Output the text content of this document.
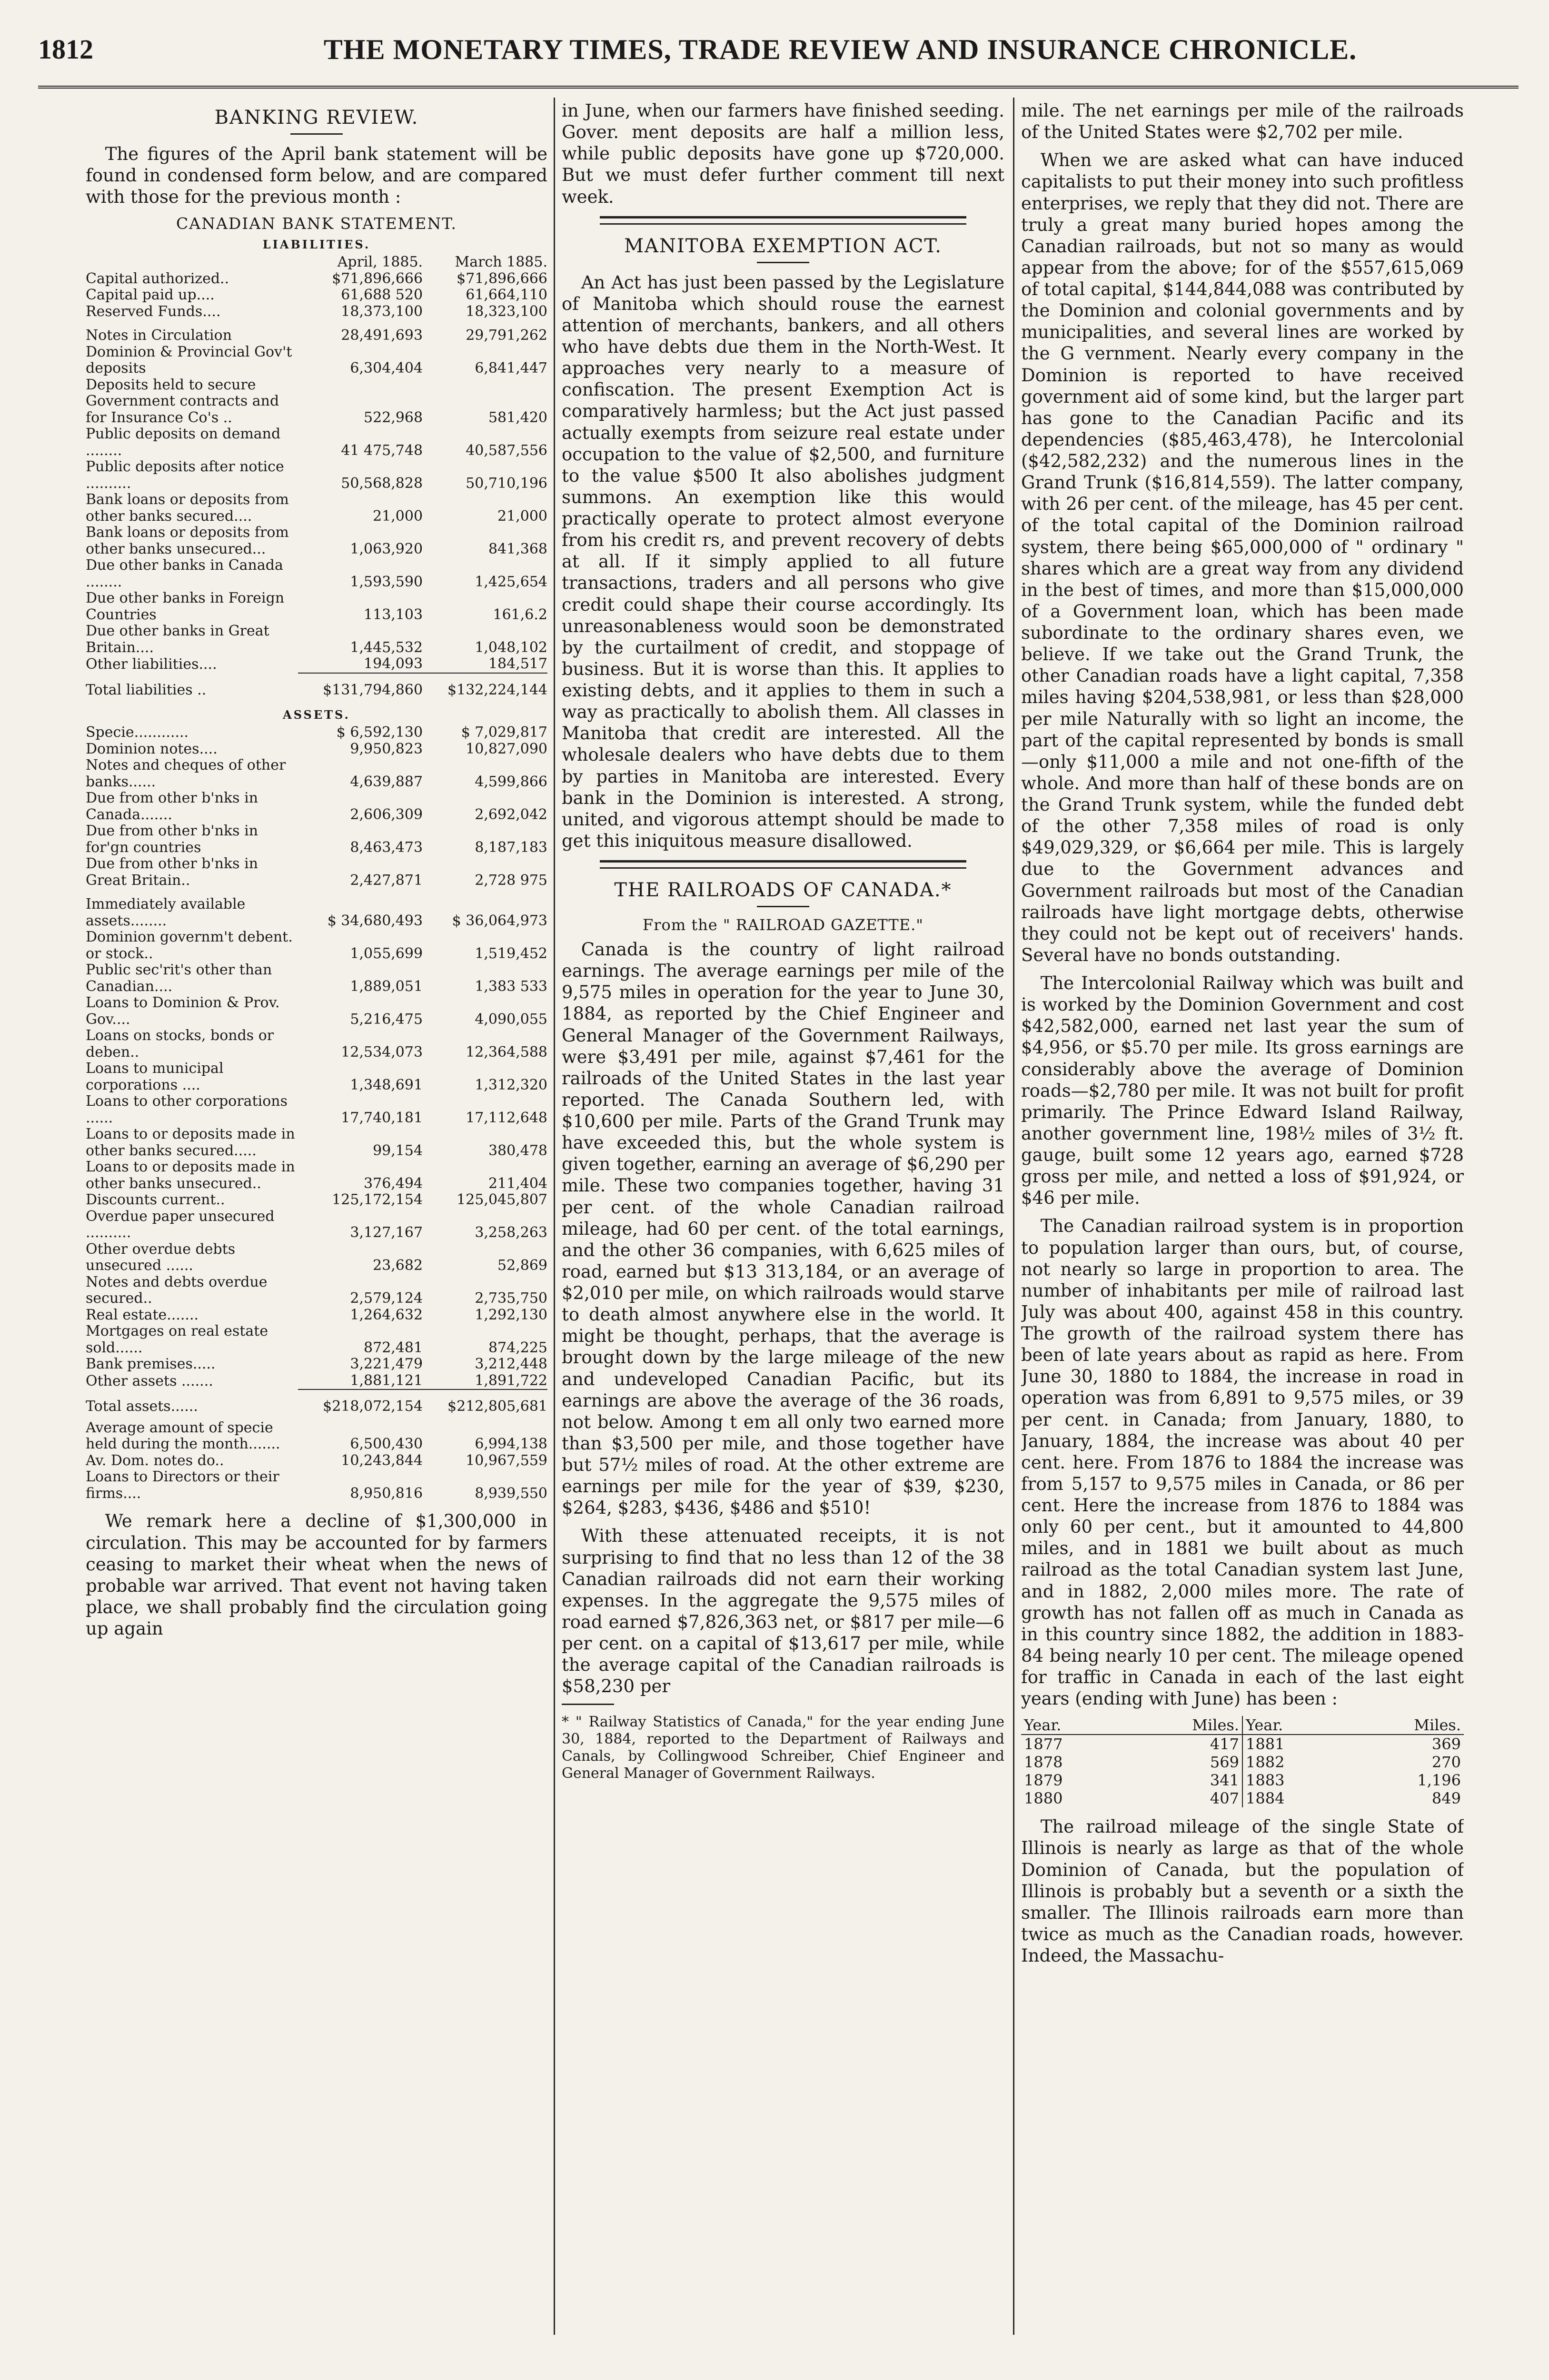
1812	THE MONETARY TIMES, TRADE REVIEW AND INSURANCE CHRONICLE.
BANKING REVIEW.

The figures of the April bank statement will be found in condensed form below, and are compared with those for the previous month :

CANADIAN BANK STATEMENT.
LIABILITIES.
	April, 1885.	March 1885.
Capital authorized..	$71,896,666	$71,896,666
Capital paid up....	61,688 520	61,664,110
Reserved Funds....	18,373,100	18,323,100
Notes in Circulation	28,491,693	29,791,262
Dominion & Provincial Gov't deposits	6,304,404	6,841,447
Deposits held to secure Government contracts and for Insurance Co's ..	522,968	581,420
Public deposits on demand ........	41 475,748	40,587,556
Public deposits after notice ..........	50,568,828	50,710,196
Bank loans or deposits from other banks secured....	21,000	21,000
Bank loans or deposits from other banks unsecured...	1,063,920	841,368
Due other banks in Canada ........	1,593,590	1,425,654
Due other banks in Foreign Countries	113,103	161,6.2
Due other banks in Great Britain....	1,445,532	1,048,102
Other liabilities....	194,093	184,517
Total liabilities ..	$131,794,860	$132,224,144
ASSETS.
Specie............	$ 6,592,130	$ 7,029,817
Dominion notes....	9,950,823	10,827,090
Notes and cheques of other banks......	4,639,887	4,599,866
Due from other b'nks in Canada.......	2,606,309	2,692,042
Due from other b'nks in for'gn countries	8,463,473	8,187,183
Due from other b'nks in Great Britain..	2,427,871	2,728 975
Immediately available assets........	$ 34,680,493	$ 36,064,973
Dominion governm't debent. or stock..	1,055,699	1,519,452
Public sec'rit's other than Canadian....	1,889,051	1,383 533
Loans to Dominion & Prov. Gov....	5,216,475	4,090,055
Loans on stocks, bonds or deben..	12,534,073	12,364,588
Loans to municipal corporations ....	1,348,691	1,312,320
Loans to other corporations ......	17,740,181	17,112,648
Loans to or deposits made in other banks secured.....	99,154	380,478
Loans to or deposits made in other banks unsecured..	376,494	211,404
Discounts current..	125,172,154	125,045,807
Overdue paper unsecured ..........	3,127,167	3,258,263
Other overdue debts unsecured ......	23,682	52,869
Notes and debts overdue secured..	2,579,124	2,735,750
Real estate.......	1,264,632	1,292,130
Mortgages on real estate sold......	872,481	874,225
Bank premises.....	3,221,479	3,212,448
Other assets .......	1,881,121	1,891,722
Total assets......	$218,072,154	$212,805,681
Average amount of specie held during the month.......	6,500,430	6,994,138
Av. Dom. notes do..	10,243,844	10,967,559
Loans to Directors or their firms....	8,950,816	8,939,550

We remark here a decline of $1,300,000 in circulation. This may be accounted for by farmers ceasing to market their wheat when the news of probable war arrived. That event not having taken place, we shall probably find the circulation going up again

in June, when our farmers have finished seeding. Gover. ment deposits are half a million less, while public deposits have gone up $720,000. But we must defer further comment till next week.

MANITOBA EXEMPTION ACT.

An Act has just been passed by the Legislature of Manitoba which should rouse the earnest attention of merchants, bankers, and all others who have debts due them in the North-West. It approaches very nearly to a measure of confiscation. The present Exemption Act is comparatively harmless; but the Act just passed actually exempts from seizure real estate under occupation to the value of $2,500, and furniture to the value $500 It also abolishes judgment summons. An exemption like this would practically operate to protect almost everyone from his credit rs, and prevent recovery of debts at all. If it simply applied to all future transactions, traders and all persons who give credit could shape their course accordingly. Its unreasonableness would soon be demonstrated by the curtailment of credit, and stoppage of business. But it is worse than this. It applies to existing debts, and it applies to them in such a way as practically to abolish them. All classes in Manitoba that credit are interested. All the wholesale dealers who have debts due to them by parties in Manitoba are interested. Every bank in the Dominion is interested. A strong, united, and vigorous attempt should be made to get this iniquitous measure disallowed.

THE RAILROADS OF CANADA.*
From the " RAILROAD GAZETTE."

Canada is the country of light railroad earnings. The average earnings per mile of the 9,575 miles in operation for the year to June 30, 1884, as reported by the Chief Engineer and General Manager of the Government Railways, were $3,491 per mile, against $7,461 for the railroads of the United States in the last year reported. The Canada Southern led, with $10,600 per mile. Parts of the Grand Trunk may have exceeded this, but the whole system is given together, earning an average of $6,290 per mile. These two companies together, having 31 per cent. of the whole Canadian railroad mileage, had 60 per cent. of the total earnings, and the other 36 companies, with 6,625 miles of road, earned but $13 313,184, or an average of $2,010 per mile, on which railroads would starve to death almost anywhere else in the world. It might be thought, perhaps, that the average is brought down by the large mileage of the new and undeveloped Canadian Pacific, but its earnings are above the average of the 36 roads, not below. Among t em all only two earned more than $3,500 per mile, and those together have but 57½ miles of road. At the other extreme are earnings per mile for the year of $39, $230, $264, $283, $436, $486 and $510!

With these attenuated receipts, it is not surprising to find that no less than 12 of the 38 Canadian railroads did not earn their working expenses. In the aggregate the 9,575 miles of road earned $7,826,363 net, or $817 per mile—6 per cent. on a capital of $13,617 per mile, while the average capital of the Canadian railroads is $58,230 per

* " Railway Statistics of Canada," for the year ending June 30, 1884, reported to the Department of Railways and Canals, by Collingwood Schreiber, Chief Engineer and General Manager of Government Railways.

mile. The net earnings per mile of the railroads of the United States were $2,702 per mile.

When we are asked what can have induced capitalists to put their money into such profitless enterprises, we reply that they did not. There are truly a great many buried hopes among the Canadian railroads, but not so many as would appear from the above; for of the $557,615,069 of total capital, $144,844,088 was contributed by the Dominion and colonial governments and by municipalities, and several lines are worked by the G vernment. Nearly every company in the Dominion is reported to have received government aid of some kind, but the larger part has gone to the Canadian Pacific and its dependencies ($85,463,478), he Intercolonial ($42,582,232) and the numerous lines in the Grand Trunk ($16,814,559). The latter company, with 26 per cent. of the mileage, has 45 per cent. of the total capital of the Dominion railroad system, there being $65,000,000 of " ordinary " shares which are a great way from any dividend in the best of times, and more than $15,000,000 of a Government loan, which has been made subordinate to the ordinary shares even, we believe. If we take out the Grand Trunk, the other Canadian roads have a light capital, 7,358 miles having $204,538,981, or less than $28,000 per mile Naturally with so light an income, the part of the capital represented by bonds is small—only $11,000 a mile and not one-fifth of the whole. And more than half of these bonds are on the Grand Trunk system, while the funded debt of the other 7,358 miles of road is only $49,029,329, or $6,664 per mile. This is largely due to the Government advances and Government railroads but most of the Canadian railroads have light mortgage debts, otherwise they could not be kept out of receivers' hands. Several have no bonds outstanding.

The Intercolonial Railway which was built and is worked by the Dominion Government and cost $42,582,000, earned net last year the sum of $4,956, or $5.70 per mile. Its gross earnings are considerably above the average of Dominion roads—$2,780 per mile. It was not built for profit primarily. The Prince Edward Island Railway, another government line, 198½ miles of 3½ ft. gauge, built some 12 years ago, earned $728 gross per mile, and netted a loss of $91,924, or $46 per mile.

The Canadian railroad system is in proportion to population larger than ours, but, of course, not nearly so large in proportion to area. The number of inhabitants per mile of railroad last July was about 400, against 458 in this country. The growth of the railroad system there has been of late years about as rapid as here. From June 30, 1880 to 1884, the increase in road in operation was from 6,891 to 9,575 miles, or 39 per cent. in Canada; from January, 1880, to January, 1884, the increase was about 40 per cent. here. From 1876 to 1884 the increase was from 5,157 to 9,575 miles in Canada, or 86 per cent. Here the increase from 1876 to 1884 was only 60 per cent., but it amounted to 44,800 miles, and in 1881 we built about as much railroad as the total Canadian system last June, and in 1882, 2,000 miles more. The rate of growth has not fallen off as much in Canada as in this country since 1882, the addition in 1883-84 being nearly 10 per cent. The mileage opened for traffic in Canada in each of the last eight years (ending with June) has been :

Year.	Miles.	Year.	Miles.
1877	417	1881	369
1878	569	1882	270
1879	341	1883	1,196
1880	407	1884	849

The railroad mileage of the single State of Illinois is nearly as large as that of the whole Dominion of Canada, but the population of Illinois is probably but a seventh or a sixth the smaller. The Illinois railroads earn more than twice as much as the Canadian roads, however. Indeed, the Massachu-
